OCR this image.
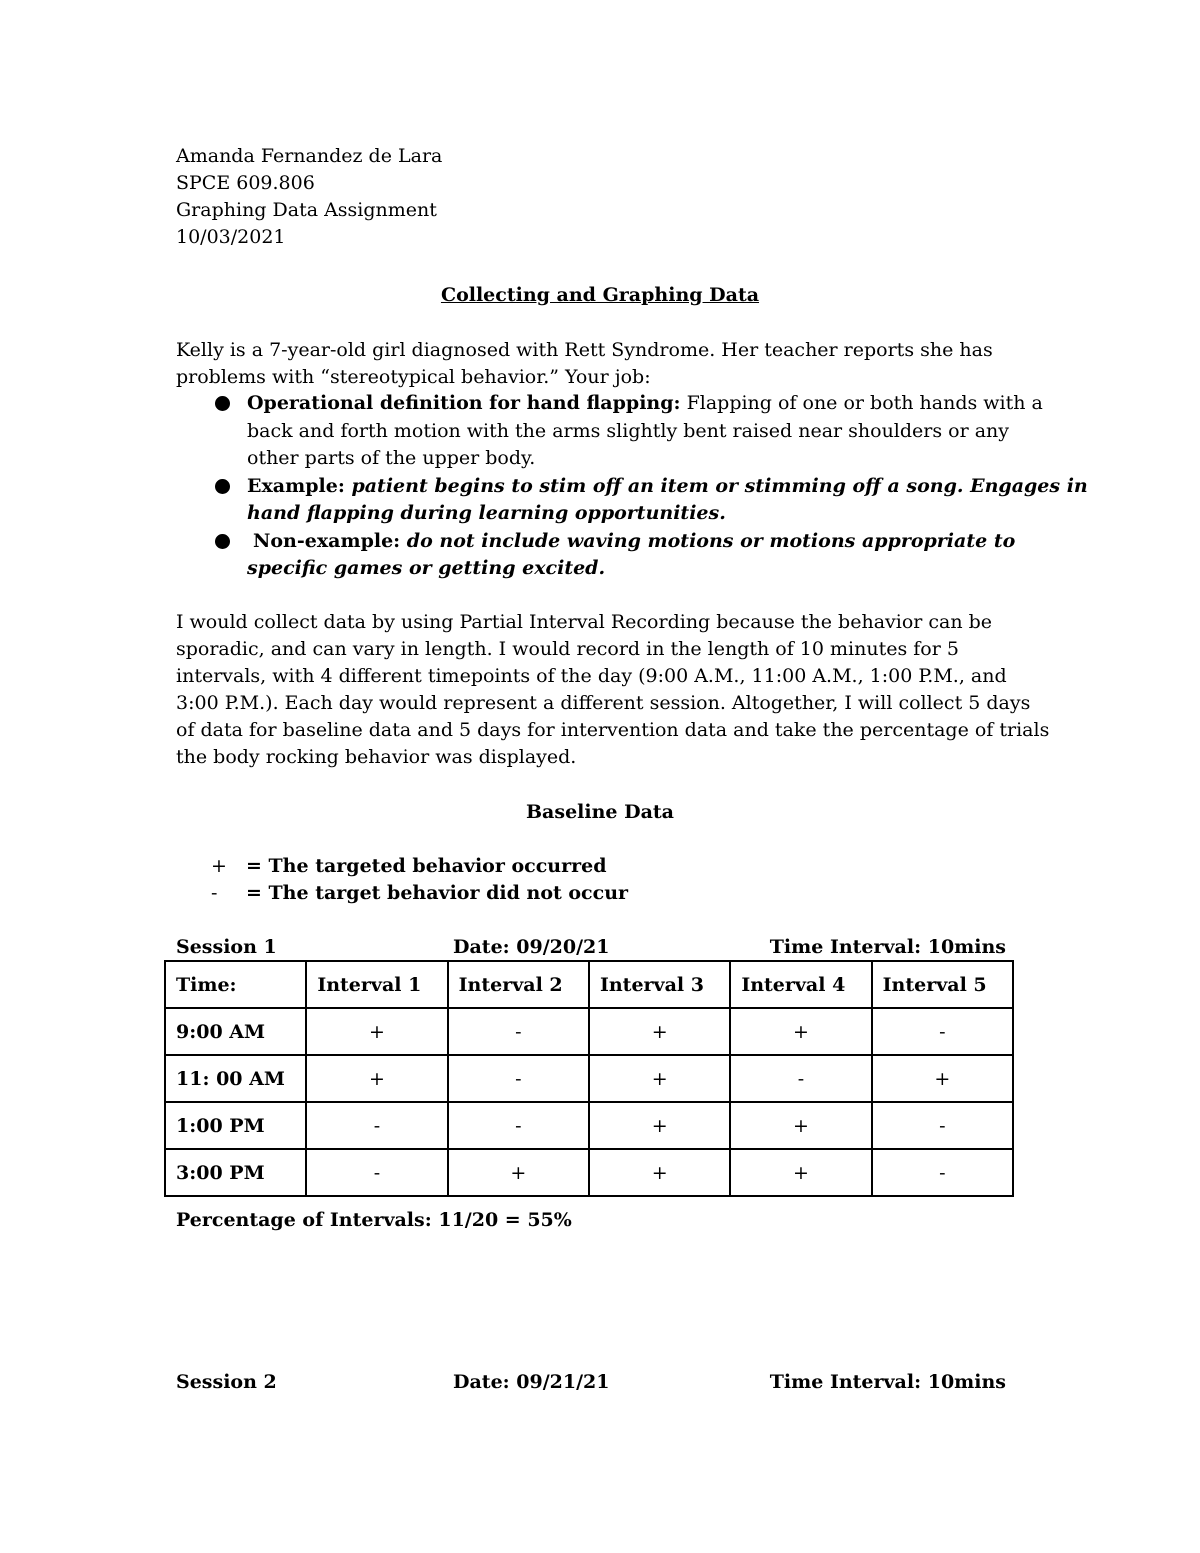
Amanda Fernandez de Lara
SPCE 609.806
Graphing Data Assignment
10/03/2021
Collecting and Graphing Data
Kelly is a 7-year-old girl diagnosed with Rett Syndrome. Her teacher reports she has
problems with “stereotypical behavior.” Your job:
Operational definition for hand flapping: Flapping of one or both hands with a
back and forth motion with the arms slightly bent raised near shoulders or any
other parts of the upper body.
Example: patient begins to stim off an item or stimming off a song. Engages in
hand flapping during learning opportunities.
Non-example: do not include waving motions or motions appropriate to
specific games or getting excited.
I would collect data by using Partial Interval Recording because the behavior can be
sporadic, and can vary in length. I would record in the length of 10 minutes for 5
intervals, with 4 different timepoints of the day (9:00 A.M., 11:00 A.M., 1:00 P.M., and
3:00 P.M.). Each day would represent a different session. Altogether, I will collect 5 days
of data for baseline data and 5 days for intervention data and take the percentage of trials
the body rocking behavior was displayed.
Baseline Data
+ = The targeted behavior occurred
- = The target behavior did not occur
Session 1	Date: 09/20/21	Time Interval: 10mins
Time:	Interval 1	Interval 2	Interval 3	Interval 4	Interval 5
9:00 AM	+	-	+	+	-
11: 00 AM	+	-	+	-	+
1:00 PM	-	-	+	+	-
3:00 PM	-	+	+	+	-
Percentage of Intervals: 11/20 = 55%
Session 2	Date: 09/21/21	Time Interval: 10mins
